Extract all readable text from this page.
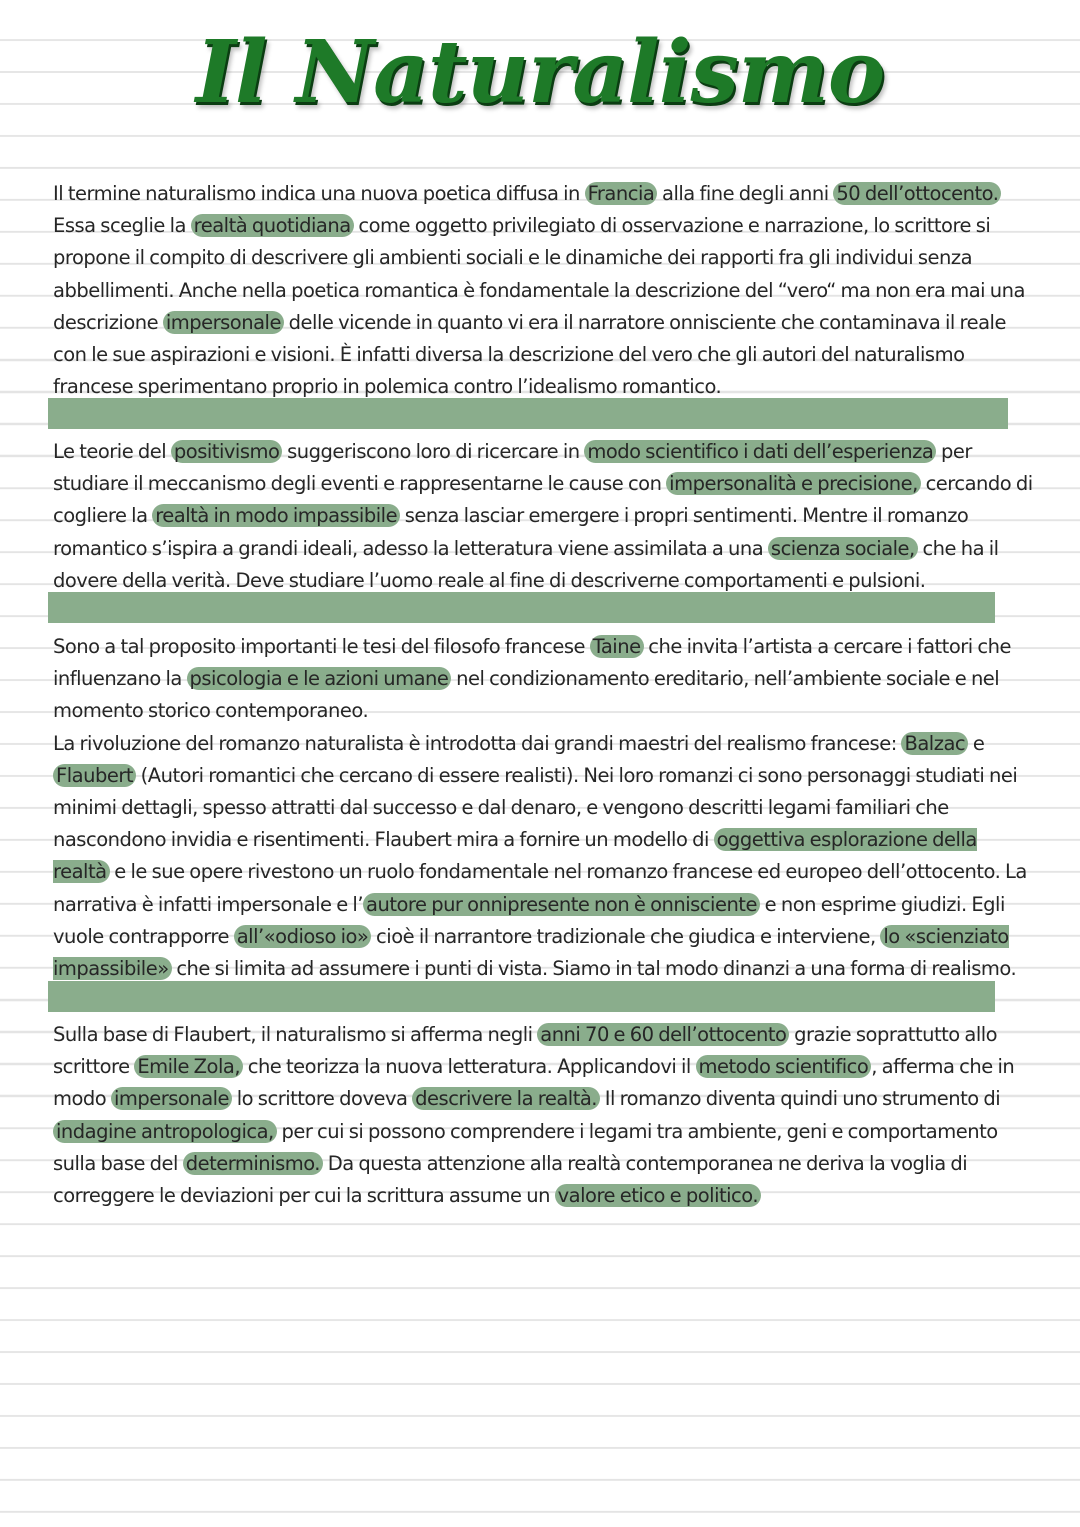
Il Naturalismo

Il termine naturalismo indica una nuova poetica diffusa in Francia alla fine degli anni 50 dell’ottocento. Essa sceglie la realtà quotidiana come oggetto privilegiato di osservazione e narrazione, lo scrittore si propone il compito di descrivere gli ambienti sociali e le dinamiche dei rapporti fra gli individui senza abbellimenti. Anche nella poetica romantica è fondamentale la descrizione del “vero“ ma non era mai una descrizione impersonale delle vicende in quanto vi era il narratore onnisciente che contaminava il reale con le sue aspirazioni e visioni. È infatti diversa la descrizione del vero che gli autori del naturalismo francese sperimentano proprio in polemica contro l’idealismo romantico.

Le teorie del positivismo suggeriscono loro di ricercare in modo scientifico i dati dell’esperienza per studiare il meccanismo degli eventi e rappresentarne le cause con impersonalità e precisione, cercando di cogliere la realtà in modo impassibile senza lasciar emergere i propri sentimenti. Mentre il romanzo romantico s’ispira a grandi ideali, adesso la letteratura viene assimilata a una scienza sociale, che ha il dovere della verità. Deve studiare l’uomo reale al fine di descriverne comportamenti e pulsioni.

Sono a tal proposito importanti le tesi del filosofo francese Taine che invita l’artista a cercare i fattori che influenzano la psicologia e le azioni umane nel condizionamento ereditario, nell’ambiente sociale e nel momento storico contemporaneo.
La rivoluzione del romanzo naturalista è introdotta dai grandi maestri del realismo francese: Balzac e Flaubert (Autori romantici che cercano di essere realisti). Nei loro romanzi ci sono personaggi studiati nei minimi dettagli, spesso attratti dal successo e dal denaro, e vengono descritti legami familiari che nascondono invidia e risentimenti. Flaubert mira a fornire un modello di oggettiva esplorazione della realtà e le sue opere rivestono un ruolo fondamentale nel romanzo francese ed europeo dell’ottocento. La narrativa è infatti impersonale e l’ autore pur onnipresente non è onnisciente e non esprime giudizi. Egli vuole contrapporre all’«odioso io» cioè il narrantore tradizionale che giudica e interviene, lo «scienziato impassibile» che si limita ad assumere i punti di vista. Siamo in tal modo dinanzi a una forma di realismo.

Sulla base di Flaubert, il naturalismo si afferma negli anni 70 e 60 dell’ottocento grazie soprattutto allo scrittore Emile Zola, che teorizza la nuova letteratura. Applicandovi il metodo scientifico , afferma che in modo impersonale lo scrittore doveva descrivere la realtà. Il romanzo diventa quindi uno strumento di indagine antropologica, per cui si possono comprendere i legami tra ambiente, geni e comportamento sulla base del determinismo. Da questa attenzione alla realtà contemporanea ne deriva la voglia di correggere le deviazioni per cui la scrittura assume un valore etico e politico.
